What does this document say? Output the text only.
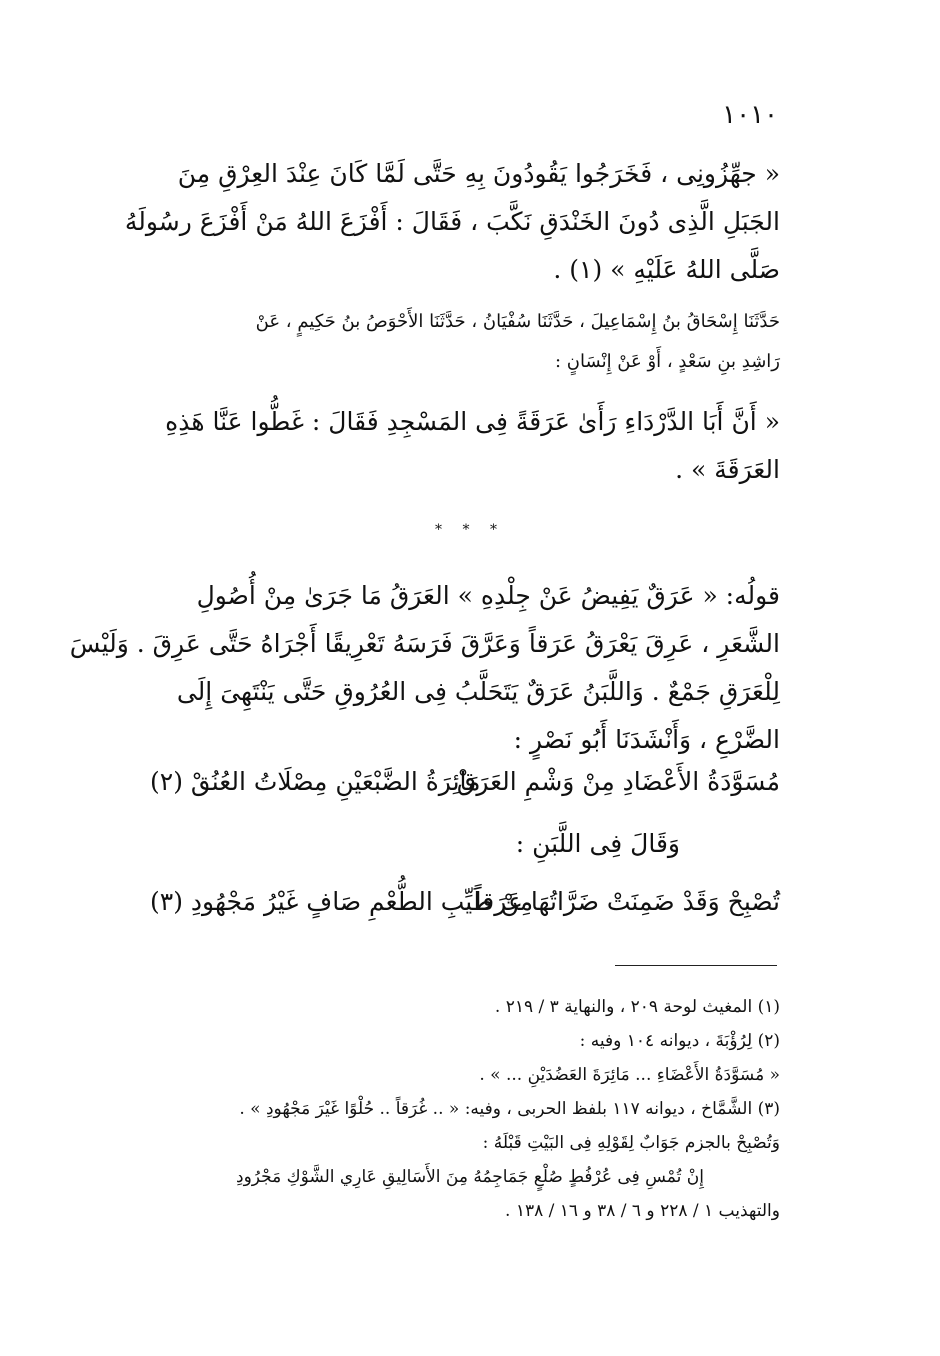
١٠١٠
« جهِّزُونِى ، فَخَرَجُوا يَقُودُونَ بِهِ حَتَّى لَمَّا كَانَ عِنْدَ العِرْقِ مِنَ
الجَبَلِ الَّذِى دُونَ الخَنْدَقِ نَكَّبَ ، فَقَالَ : أَفْزَعَ اللهُ مَنْ أَفْزَعَ رسُولَهُ
صَلَّى اللهُ عَلَيْهِ » (١) .
حَدَّثَنَا إِسْحَاقُ بنُ إِسْمَاعِيلَ ، حَدَّثَنَا سُفْيَانُ ، حَدَّثَنَا الأَحْوَصُ بنُ حَكِيمٍ ، عَنْ
رَاشِدِ بنِ سَعْدٍ ، أَوْ عَنْ إِنْسَانٍ :
« أَنَّ أَبَا الدَّرْدَاءِ رَأَىٰ عَرَقَةً فِى المَسْجِدِ فَقَالَ : غَطُّوا عَنَّا هَذِهِ
العَرَقَةَ » .
* * *
قولُه: « عَرَقٌ يَفِيضُ عَنْ جِلْدِهِ » العَرَقُ مَا جَرَىٰ مِنْ أُصُولِ
الشَّعَرِ ، عَرِقَ يَعْرَقُ عَرَقاً وَعَرَّقَ فَرَسَهُ تَعْرِيقًا أَجْرَاهُ حَتَّى عَرِقَ . وَلَيْسَ
لِلْعَرَقِ جَمْعٌ . وَاللَّبَنُ عَرَقٌ يَتَحَلَّبُ فِى العُرُوقِ حَتَّى يَنْتَهِىَ إِلَى
الضَّرْعِ ، وَأَنْشَدَنَا أَبُو نَصْرٍ :
مُسَوَّدَةُ الأَعْضَادِ مِنْ وَشْمِ العَرَقْ
مَائِرَةُ الضَّبْعَيْنِ مِصْلَاتُ العُنُقْ (٢)
وَقَالَ فِى اللَّبَنِ :
تُصْبِحْ وَقَدْ ضَمِنَتْ ضَرَّاتُهَا عَرَقاً
مِنْ طَيِّبِ الطُّعْمِ صَافٍ غَيْرُ مَجْهُودِ (٣)
(١) المغيث لوحة ٢٠٩ ، والنهاية ٣ / ٢١٩ .
(٢) لِرُؤْبَةَ ، ديوانه ١٠٤ وفيه :
« مُسَوَّدَةُ الأَعْضَاءِ ... مَائِرَةَ العَضُدَيْنِ ... » .
(٣) الشَّمَّاخ ، ديوانه ١١٧ بلفظ الحربى ، وفيه: « .. غُرَقاً .. حُلْوًا غَيْرَ مَجْهُودِ » .
وَتُصْبِحْ بالجزم جَوَابٌ لِقَوْلِهِ فِى البَيْتِ قَبْلَهُ :
إِنْ تُمْسِ فِى عُرْفُطٍ صُلْعٍ جَمَاجِمُهُ مِنَ الأَسَالِيقِ عَارِي الشَّوْكِ مَجْرُودِ
والتهذيب ١ / ٢٢٨ و ٦ / ٣٨ و ١٦ / ١٣٨ .
